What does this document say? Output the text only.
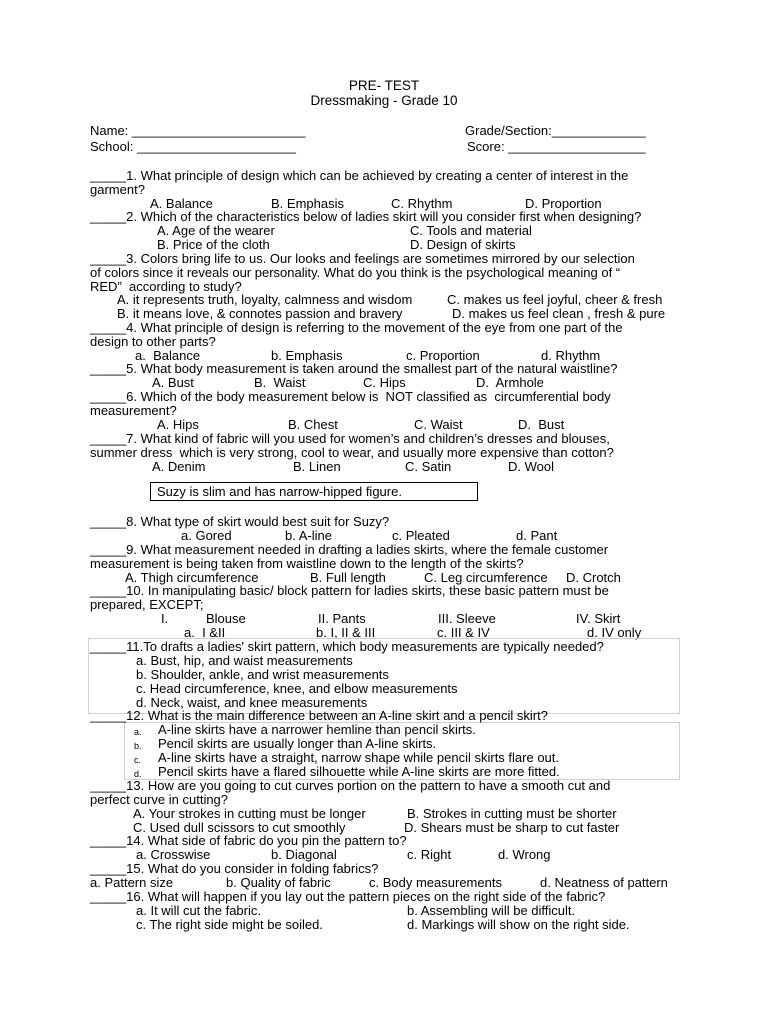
PRE- TEST
Dressmaking - Grade 10
Name: ________________________	Grade/Section:_____________
School: ______________________	Score: ___________________
_____1. What principle of design which can be achieved by creating a center of interest in the
garment?
A. Balance	B. Emphasis	C. Rhythm	D. Proportion
_____2. Which of the characteristics below of ladies skirt will you consider first when designing?
A. Age of the wearer	C. Tools and material
B. Price of the cloth	D. Design of skirts
_____3. Colors bring life to us. Our looks and feelings are sometimes mirrored by our selection
of colors since it reveals our personality. What do you think is the psychological meaning of “
RED”  according to study?
A. it represents truth, loyalty, calmness and wisdom	C. makes us feel joyful, cheer & fresh
B. it means love, & connotes passion and bravery	D. makes us feel clean , fresh & pure
_____4. What principle of design is referring to the movement of the eye from one part of the
design to other parts?
a.  Balance	b. Emphasis	c. Proportion	d. Rhythm
_____5. What body measurement is taken around the smallest part of the natural waistline?
A. Bust	B.  Waist	C. Hips	D.  Armhole
_____6. Which of the body measurement below is  NOT classified as  circumferential body
measurement?
A. Hips	B. Chest	C. Waist	D.  Bust
_____7. What kind of fabric will you used for women’s and children’s dresses and blouses,
summer dress  which is very strong, cool to wear, and usually more expensive than cotton?
A. Denim	B. Linen	C. Satin	D. Wool
Suzy is slim and has narrow-hipped figure.
_____8. What type of skirt would best suit for Suzy?
a. Gored	b. A-line	c. Pleated	d. Pant
_____9. What measurement needed in drafting a ladies skirts, where the female customer
measurement is being taken from waistline down to the length of the skirts?
A. Thigh circumference	B. Full length	C. Leg circumference D. Crotch
_____10. In manipulating basic/ block pattern for ladies skirts, these basic pattern must be
prepared, EXCEPT;
I.	Blouse	II. Pants	III. Sleeve	IV. Skirt
a.  I &II	b. I, II & III	c. III & IV	d. IV only
_____11.To drafts a ladies' skirt pattern, which body measurements are typically needed?
a. Bust, hip, and waist measurements
b. Shoulder, ankle, and wrist measurements
c. Head circumference, knee, and elbow measurements
d. Neck, waist, and knee measurements
_____12. What is the main difference between an A-line skirt and a pencil skirt?
a. A-line skirts have a narrower hemline than pencil skirts.
b. Pencil skirts are usually longer than A-line skirts.
c. A-line skirts have a straight, narrow shape while pencil skirts flare out.
d. Pencil skirts have a flared silhouette while A-line skirts are more fitted.
_____13. How are you going to cut curves portion on the pattern to have a smooth cut and
perfect curve in cutting?
A. Your strokes in cutting must be longer	B. Strokes in cutting must be shorter
C. Used dull scissors to cut smoothly	D. Shears must be sharp to cut faster
_____14. What side of fabric do you pin the pattern to?
a. Crosswise	b. Diagonal	c. Right	d. Wrong
_____15. What do you consider in folding fabrics?
a. Pattern size	b. Quality of fabric	c. Body measurements	d. Neatness of pattern
_____16. What will happen if you lay out the pattern pieces on the right side of the fabric?
a. It will cut the fabric.	b. Assembling will be difficult.
c. The right side might be soiled.	d. Markings will show on the right side.
